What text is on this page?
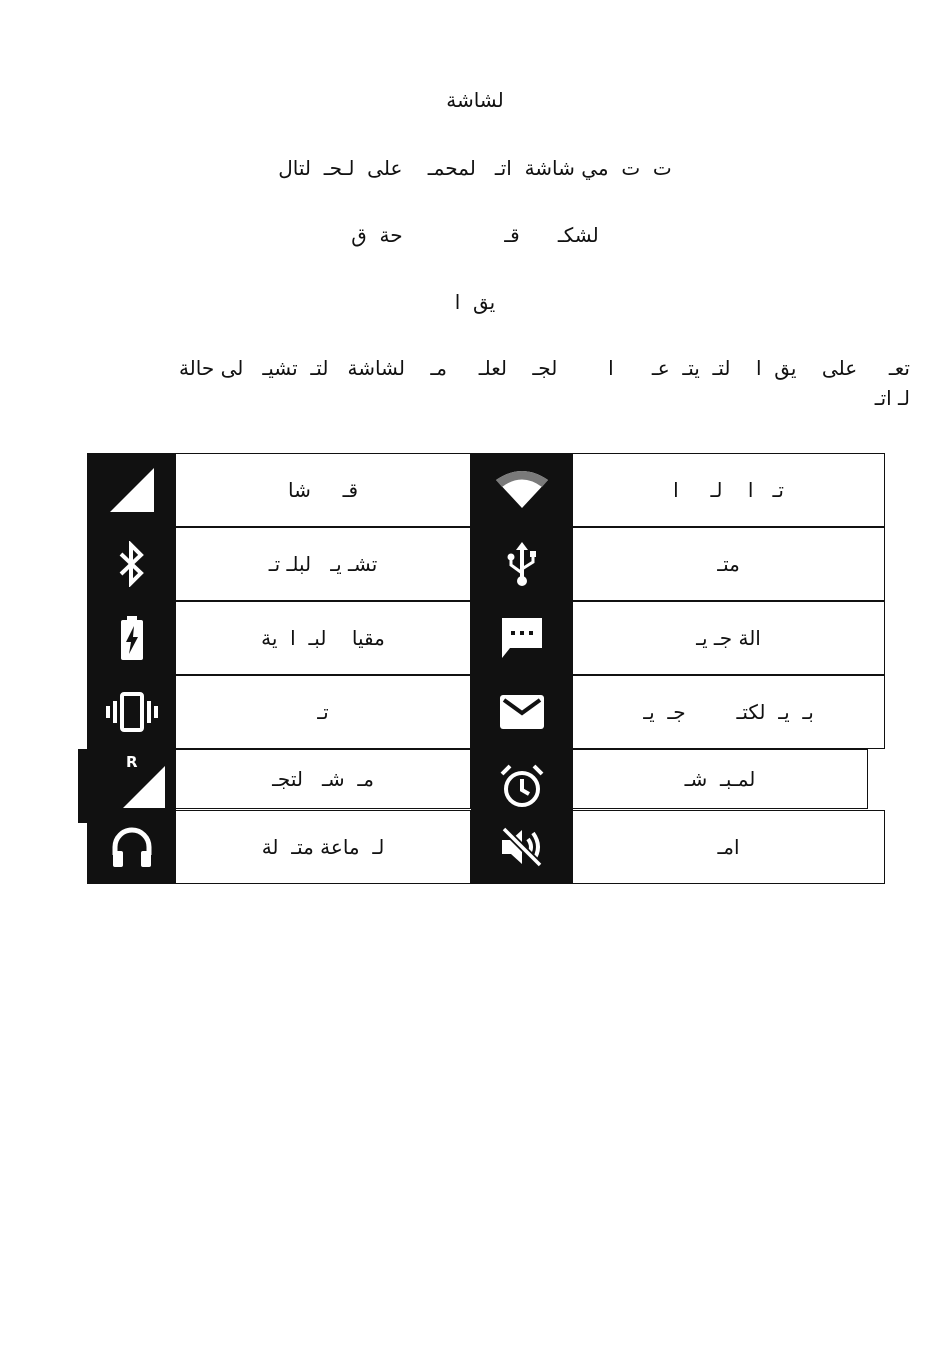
لشاشة
ت  ت  مي شاشة  اتـ   لمحمـ    على  لـحـ  لتال
لشكـ      قـ                حة  ق
يق  ا
تعـ     على    يق  ا    لتـ  يتـ  عـ      ا        لجـ    لعلـ     مـ    لشاشة   لتـ  تشيـ   لى حالة
لـ اتـ
قـ     شا	تـ   ا    لـ     ا
تشـ يـ   لبلـ تـ	متـ
مقيا    لبـ  ا  ية	الة جـ يـ
تـ	بـ  يـ  لكتـ        جـ  يـ
R
مـ  شـ   لتجـ	لمـبـ  شـ
لـ  ماعة متـ  لة	امـ
